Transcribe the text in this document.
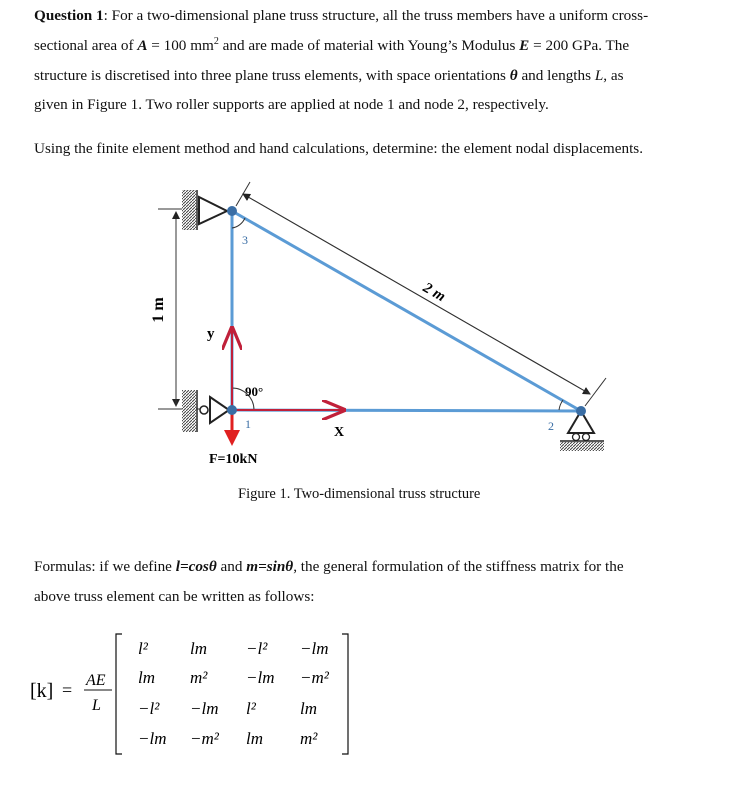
Question 1: For a two-dimensional plane truss structure, all the truss members have a uniform cross-
sectional area of A = 100 $mm^2$ and are made of material with Young’s Modulus E = 200 GPa. The
structure is discretised into three plane truss elements, with space orientations θ and lengths L, as
given in Figure 1. Two roller supports are applied at node 1 and node 2, respectively.
Using the finite element method and hand calculations, determine: the element nodal displacements.
1 m
2 m
y
X
F=10kN
90°
3
1	2
Figure 1. Two-dimensional truss structure
Formulas: if we define l=cosθ and m=sinθ, the general formulation of the stiffness matrix for the
above truss element can be written as follows:
[k] = AE
L
l² lm −l² −lm
lm m² −lm −m²
−l² −lm l²	lm
−lm −m² lm m²
